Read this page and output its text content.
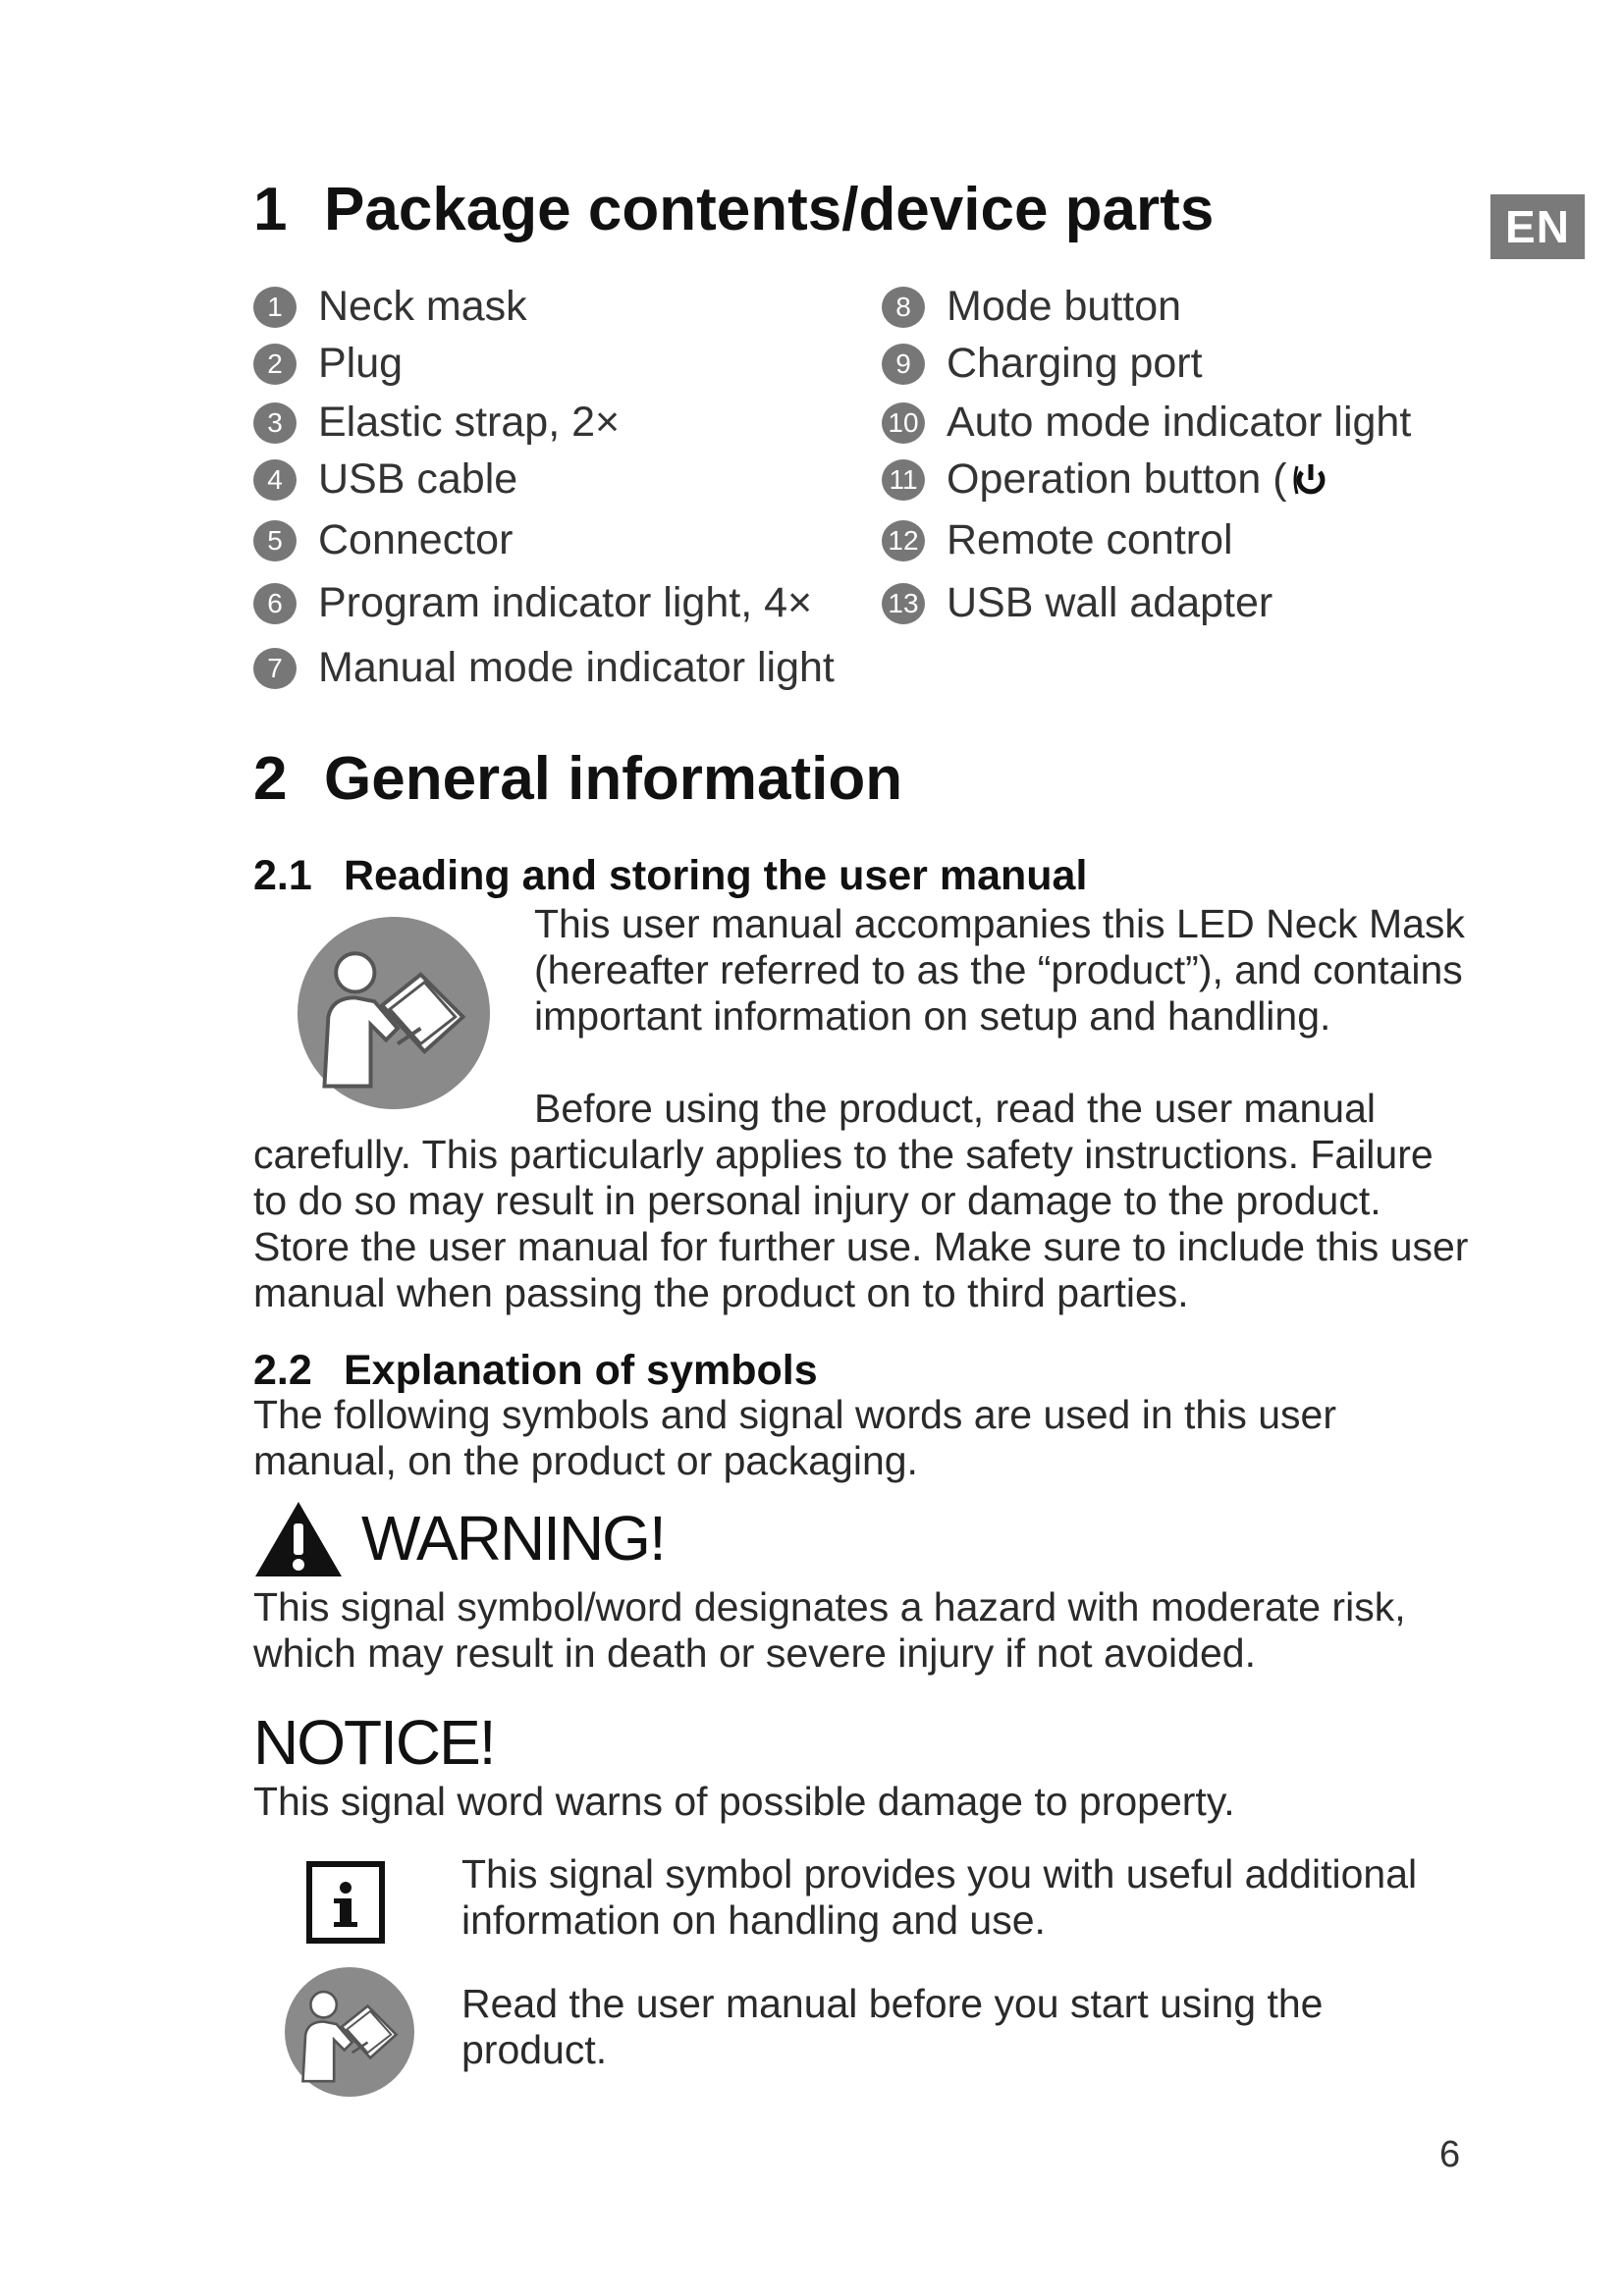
EN
1 Package contents/device parts
1 Neck mask
2 Plug
3 Elastic strap, 2×
4 USB cable
5 Connector
6 Program indicator light, 4×
7 Manual mode indicator light
8 Mode button
9 Charging port
10 Auto mode indicator light
11 Operation button (
12 Remote control
13 USB wall adapter
2 General information
2.1 Reading and storing the user manual
This user manual accompanies this LED Neck Mask (hereafter referred to as the “product”), and contains important information on setup and handling.
Before using the product, read the user manual
carefully. This particularly applies to the safety instructions. Failure to do so may result in personal injury or damage to the product. Store the user manual for further use. Make sure to include this user manual when passing the product on to third parties.
2.2 Explanation of symbols
The following symbols and signal words are used in this user manual, on the product or packaging.
WARNING!
This signal symbol/word designates a hazard with moderate risk, which may result in death or severe injury if not avoided.
NOTICE!
This signal word warns of possible damage to property.
This signal symbol provides you with useful additional information on handling and use.
Read the user manual before you start using the product.
6
